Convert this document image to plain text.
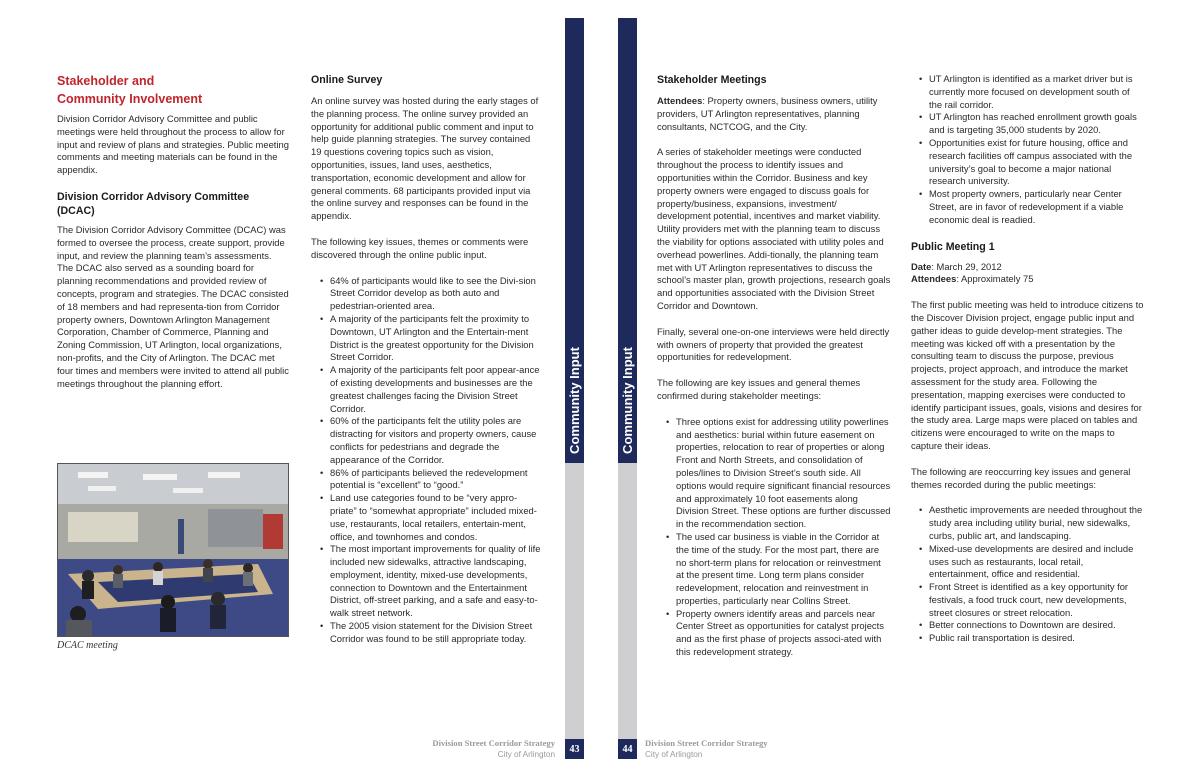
Stakeholder and
Community Involvement

Division Corridor Advisory Committee and public meetings were held throughout the process to allow for input and review of plans and strategies. Public meeting comments and meeting materials can be found in the appendix.

Division Corridor Advisory Committee (DCAC)

The Division Corridor Advisory Committee (DCAC) was formed to oversee the process, create support, provide input, and review the planning team’s assessments. The DCAC also served as a sounding board for planning recommendations and provided review of concepts, program and strategies. The DCAC consisted of 18 members and had representa-tion from Corridor property owners, Downtown Arlington Management Corporation, Chamber of Commerce, Planning and Zoning Commission, UT Arlington, local organizations, non-profits, and the City of Arlington. The DCAC met four times and members were invited to attend all public meetings throughout the planning effort.

DCAC meeting
Online Survey

An online survey was hosted during the early stages of the planning process. The online survey provided an opportunity for additional public comment and input to help guide planning strategies. The survey contained 19 questions covering topics such as vision, opportunities, issues, land uses, aesthetics, transportation, economic development and allow for general comments. 68 participants provided input via the online survey and responses can be found in the appendix.

The following key issues, themes or comments were discovered through the online public input.

• 64% of participants would like to see the Divi-sion Street Corridor develop as both auto and pedestrian-oriented area.
• A majority of the participants felt the proximity to Downtown, UT Arlington and the Entertain-ment District is the greatest opportunity for the Division Street Corridor.
• A majority of the participants felt poor appear-ance of existing developments and businesses are the greatest challenges facing the Division Street Corridor.
• 60% of the participants felt the utility poles are distracting for visitors and property owners, cause conflicts for pedestrians and degrade the appearance of the Corridor.
• 86% of participants believed the redevelopment potential is “excellent” to “good.”
• Land use categories found to be “very appro-priate” to “somewhat appropriate” included mixed-use, restaurants, local retailers, entertain-ment, office, and townhomes and condos.
• The most important improvements for quality of life included new sidewalks, attractive landscaping, employment, identity, mixed-use developments, connection to Downtown and the Entertainment District, off-street parking, and a safe and easy-to-walk street network.
• The 2005 vision statement for the Division Street Corridor was found to be still appropriate today.
Community Input
43
Division Street Corridor Strategy
City of Arlington
Community Input
44
Division Street Corridor Strategy
City of Arlington
Stakeholder Meetings

Attendees: Property owners, business owners, utility providers, UT Arlington representatives, planning consultants, NCTCOG, and the City.

A series of stakeholder meetings were conducted throughout the process to identify issues and opportunities within the Corridor. Business and key property owners were engaged to discuss goals for property/business, expansions, investment/ development potential, incentives and market viability. Utility providers met with the planning team to discuss the viability for options associated with utility poles and overhead powerlines. Addi-tionally, the planning team met with UT Arlington representatives to discuss the school’s master plan, growth projections, research goals and opportunities associated with the Division Street Corridor and Downtown.

Finally, several one-on-one interviews were held directly with owners of property that provided the greatest opportunities for redevelopment.

The following are key issues and general themes confirmed during stakeholder meetings:

• Three options exist for addressing utility powerlines and aesthetics: burial within future easement on properties, relocation to rear of properties or along Front and North Streets, and consolidation of poles/lines to Division Street’s south side. All options would require significant financial resources and approximately 10 foot easements along Division Street. These options are further discussed in the recommendation section.
• The used car business is viable in the Corridor at the time of the study. For the most part, there are no short-term plans for relocation or reinvestment at the present time. Long term plans consider redevelopment, relocation and reinvestment in properties, particularly near Collins Street.
• Property owners identify areas and parcels near Center Street as opportunities for catalyst projects and as the first phase of projects associ-ated with this redevelopment strategy.
• UT Arlington is identified as a market driver but is currently more focused on development south of the rail corridor.
• UT Arlington has reached enrollment growth goals and is targeting 35,000 students by 2020.
• Opportunities exist for future housing, office and research facilities off campus associated with the university’s goal to become a major national research university.
• Most property owners, particularly near Center Street, are in favor of redevelopment if a viable economic deal is readied.
Public Meeting 1
Date: March 29, 2012

Attendees: Approximately 75

The first public meeting was held to introduce citizens to the Discover Division project, engage public input and gather ideas to guide develop-ment strategies. The meeting was kicked off with a presentation by the consulting team to discuss the purpose, previous projects, project approach, and introduce the market assessment for the study area. Following the presentation, mapping exercises were conducted to identify participant issues, goals, visions and desires for the study area. Large maps were placed on tables and citizens were encouraged to write on the maps to capture their ideas.

The following are reoccurring key issues and general themes recorded during the public meetings:

• Aesthetic improvements are needed throughout the study area including utility burial, new sidewalks, curbs, public art, and landscaping.
• Mixed-use developments are desired and include uses such as restaurants, local retail, entertainment, office and residential.
• Front Street is identified as a key opportunity for festivals, a food truck court, new developments, street closures or street relocation.
• Better connections to Downtown are desired.
• Public rail transportation is desired.
